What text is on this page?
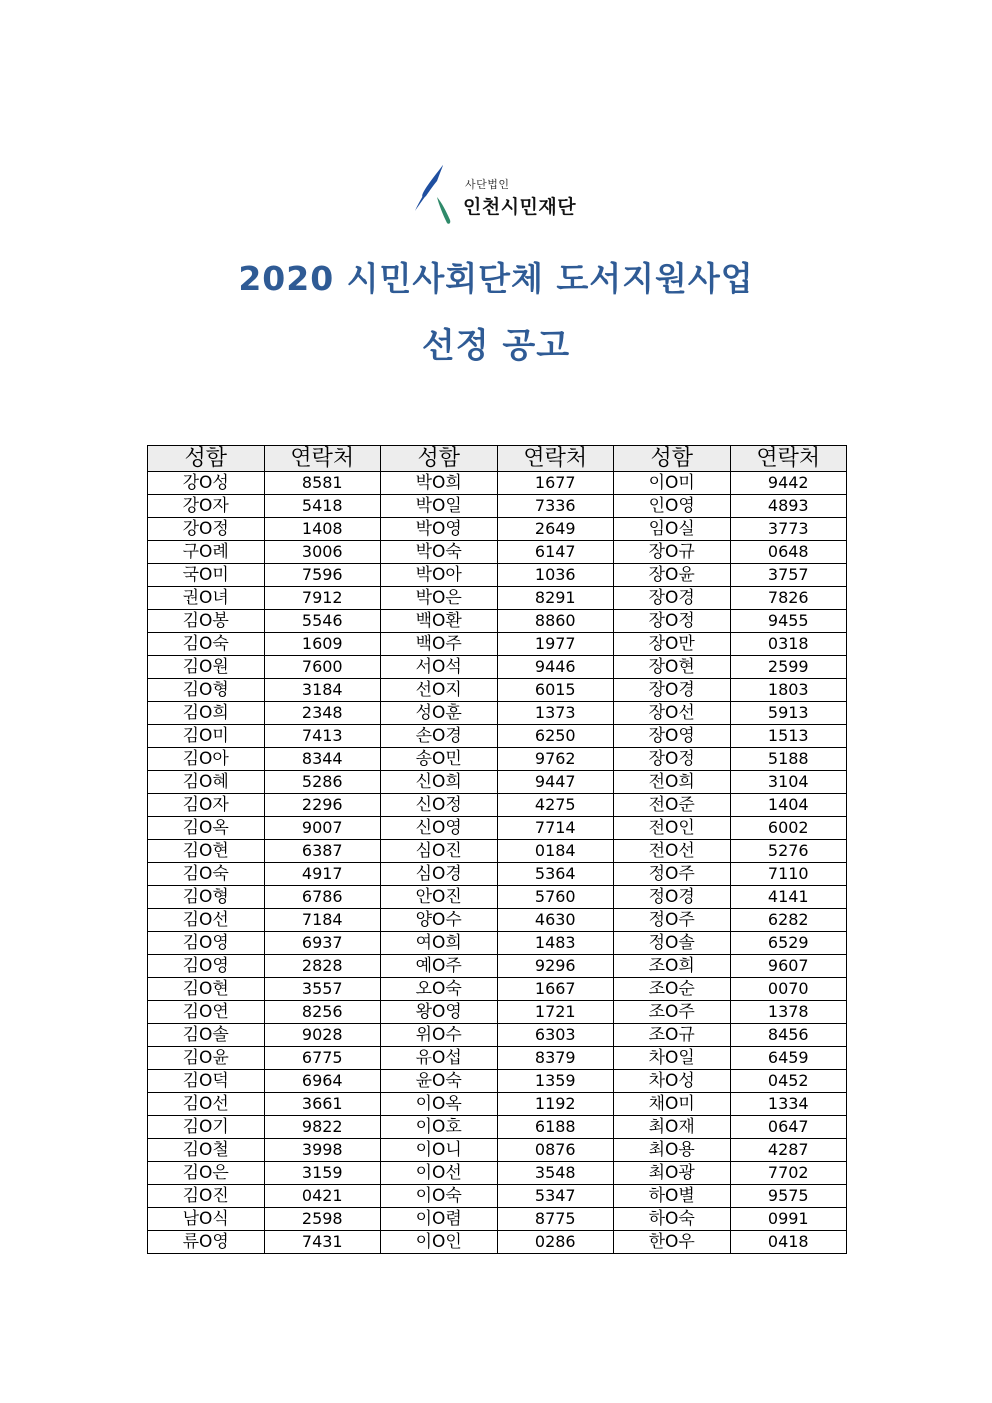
사단법인
인천시민재단
2020 시민사회단체 도서지원사업
선정 공고
성함	연락처	성함	연락처	성함	연락처
강O성	8581	박O희	1677	이O미	9442
강O자	5418	박O일	7336	인O영	4893
강O정	1408	박O영	2649	임O실	3773
구O례	3006	박O숙	6147	장O규	0648
국O미	7596	박O아	1036	장O윤	3757
권O녀	7912	박O은	8291	장O경	7826
김O봉	5546	백O환	8860	장O정	9455
김O숙	1609	백O주	1977	장O만	0318
김O원	7600	서O석	9446	장O현	2599
김O형	3184	선O지	6015	장O경	1803
김O희	2348	성O훈	1373	장O선	5913
김O미	7413	손O경	6250	장O영	1513
김O아	8344	송O민	9762	장O정	5188
김O혜	5286	신O희	9447	전O희	3104
김O자	2296	신O정	4275	전O준	1404
김O옥	9007	신O영	7714	전O인	6002
김O현	6387	심O진	0184	전O선	5276
김O숙	4917	심O경	5364	정O주	7110
김O형	6786	안O진	5760	정O경	4141
김O선	7184	양O수	4630	정O주	6282
김O영	6937	여O희	1483	정O솔	6529
김O영	2828	예O주	9296	조O희	9607
김O현	3557	오O숙	1667	조O순	0070
김O연	8256	왕O영	1721	조O주	1378
김O솔	9028	위O수	6303	조O규	8456
김O윤	6775	유O섭	8379	차O일	6459
김O덕	6964	윤O숙	1359	차O성	0452
김O선	3661	이O옥	1192	채O미	1334
김O기	9822	이O호	6188	최O재	0647
김O철	3998	이O니	0876	최O용	4287
김O은	3159	이O선	3548	최O광	7702
김O진	0421	이O숙	5347	하O별	9575
남O식	2598	이O렴	8775	하O숙	0991
류O영	7431	이O인	0286	한O우	0418
